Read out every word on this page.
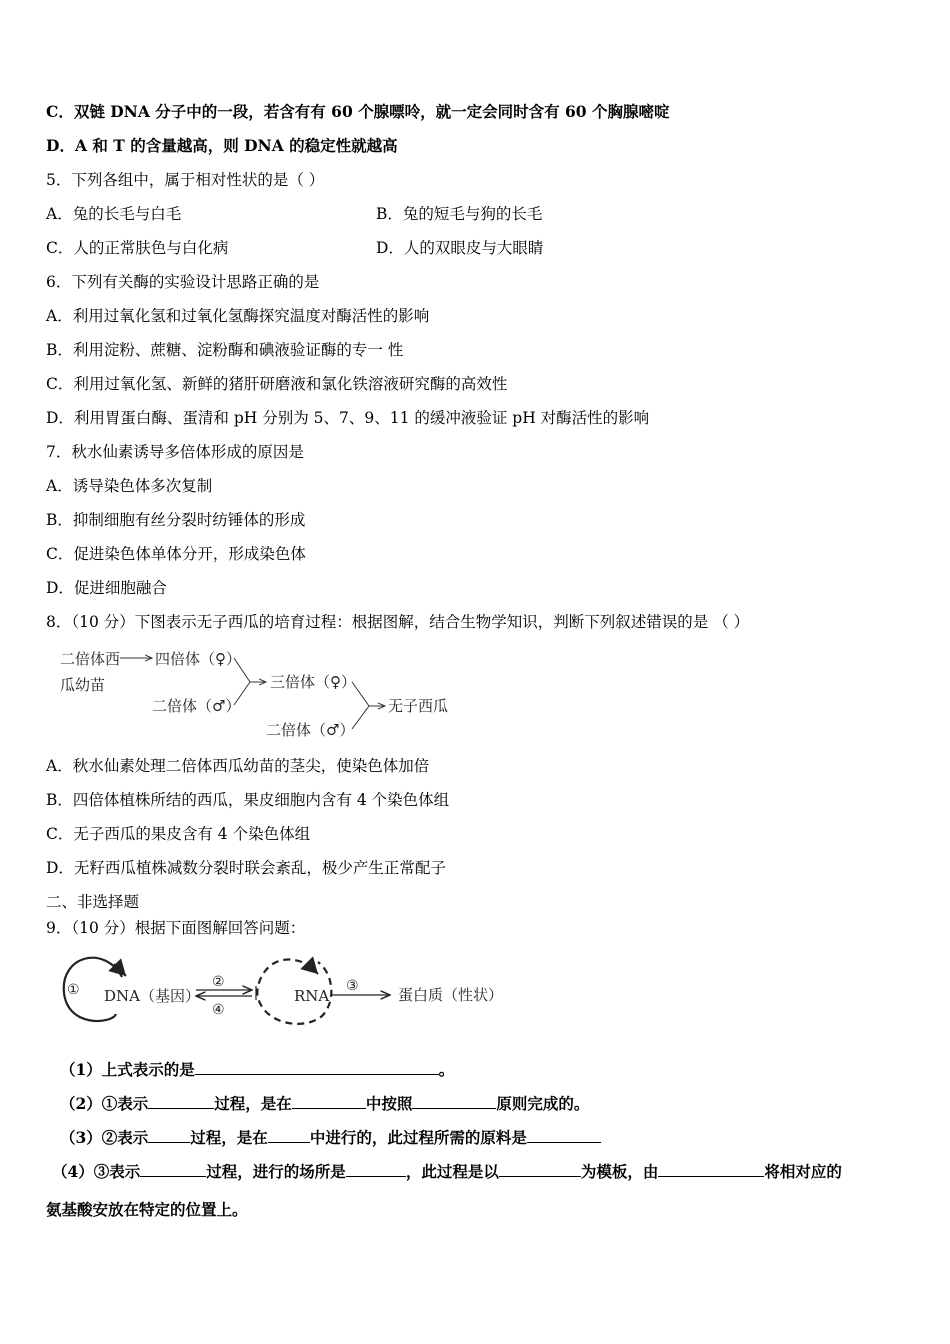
C．双链 DNA 分子中的一段，若含有有 60 个腺嘌呤，就一定会同时含有 60 个胸腺嘧啶
D．A 和 T 的含量越高，则 DNA 的稳定性就越高
5．下列各组中，属于相对性状的是（ ）
A．兔的长毛与白毛	B．兔的短毛与狗的长毛
C．人的正常肤色与白化病	D．人的双眼皮与大眼睛
6．下列有关酶的实验设计思路正确的是
A．利用过氧化氢和过氧化氢酶探究温度对酶活性的影响
B．利用淀粉、蔗糖、淀粉酶和碘液验证酶的专一 性
C．利用过氧化氢、新鲜的猪肝研磨液和氯化铁溶液研究酶的高效性
D．利用胃蛋白酶、蛋清和 pH 分别为 5、7、9、11 的缓冲液验证 pH 对酶活性的影响
7．秋水仙素诱导多倍体形成的原因是
A．诱导染色体多次复制
B．抑制细胞有丝分裂时纺锤体的形成
C．促进染色体单体分开，形成染色体
D．促进细胞融合
8．（10 分）下图表示无子西瓜的培育过程：根据图解，结合生物学知识，判断下列叙述错误的是 （ ）
二倍体西
瓜幼苗
四倍体（♀）
二倍体（♂）
三倍体（♀）
二倍体（♂）
无子西瓜
A．秋水仙素处理二倍体西瓜幼苗的茎尖，使染色体加倍
B．四倍体植株所结的西瓜，果皮细胞内含有 4 个染色体组
C．无子西瓜的果皮含有 4 个染色体组
D．无籽西瓜植株减数分裂时联会紊乱，极少产生正常配子
二、非选择题
9．（10 分）根据下面图解回答问题：
① DNA（基因）
②
④
RNA
③	蛋白质（性状）
（1）上式表示的是	。
（2）①表示	过程，是在	中按照	原则完成的。
（3）②表示	过程，是在	中进行的，此过程所需的原料是
（4）③表示	过程，进行的场所是	，此过程是以	为模板，由	将相对应的
氨基酸安放在特定的位置上。
